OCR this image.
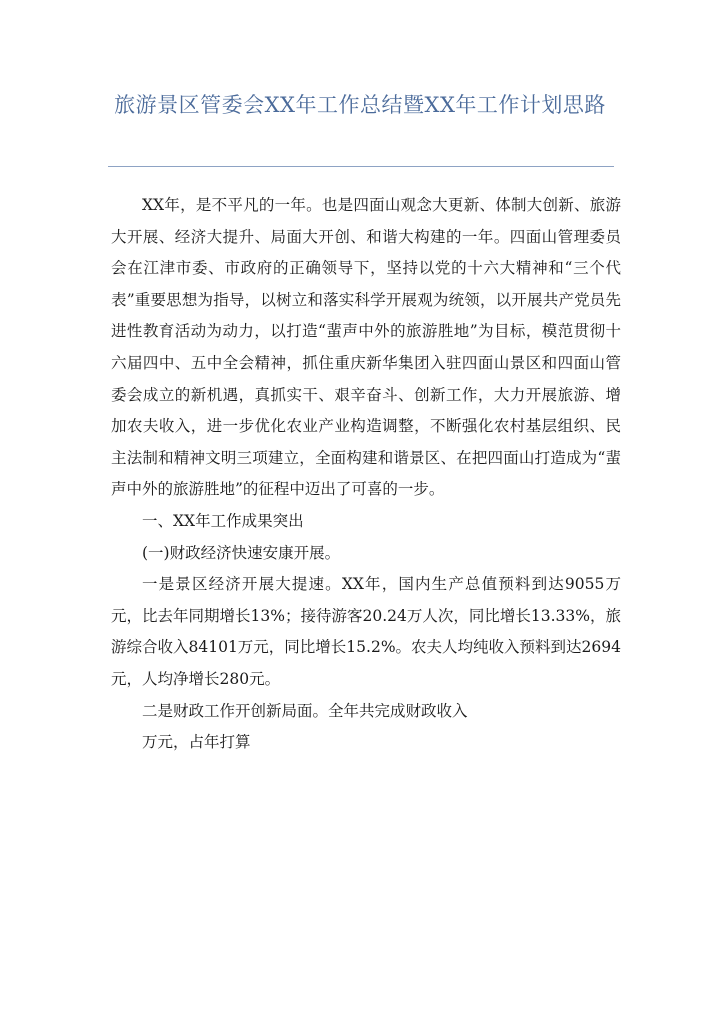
旅游景区管委会XX年工作总结暨XX年工作计划思路

XX年，是不平凡的一年。也是四面山观念大更新、体制大创新、旅游大开展、经济大提升、局面大开创、和谐大构建的一年。四面山管理委员会在江津市委、市政府的正确领导下，坚持以党的十六大精神和“三个代表”重要思想为指导，以树立和落实科学开展观为统领，以开展共产党员先进性教育活动为动力，以打造“蜚声中外的旅游胜地”为目标，模范贯彻十六届四中、五中全会精神，抓住重庆新华集团入驻四面山景区和四面山管委会成立的新机遇，真抓实干、艰辛奋斗、创新工作，大力开展旅游、增加农夫收入，进一步优化农业产业构造调整，不断强化农村基层组织、民主法制和精神文明三项建立，全面构建和谐景区、在把四面山打造成为“蜚声中外的旅游胜地”的征程中迈出了可喜的一步。

一、XX年工作成果突出

(一)财政经济快速安康开展。

一是景区经济开展大提速。XX年，国内生产总值预料到达9055万元，比去年同期增长13%；接待游客20.24万人次，同比增长13.33%，旅游综合收入84101万元，同比增长15.2%。农夫人均纯收入预料到达2694元，人均净增长280元。

二是财政工作开创新局面。全年共完成财政收入

万元，占年打算
